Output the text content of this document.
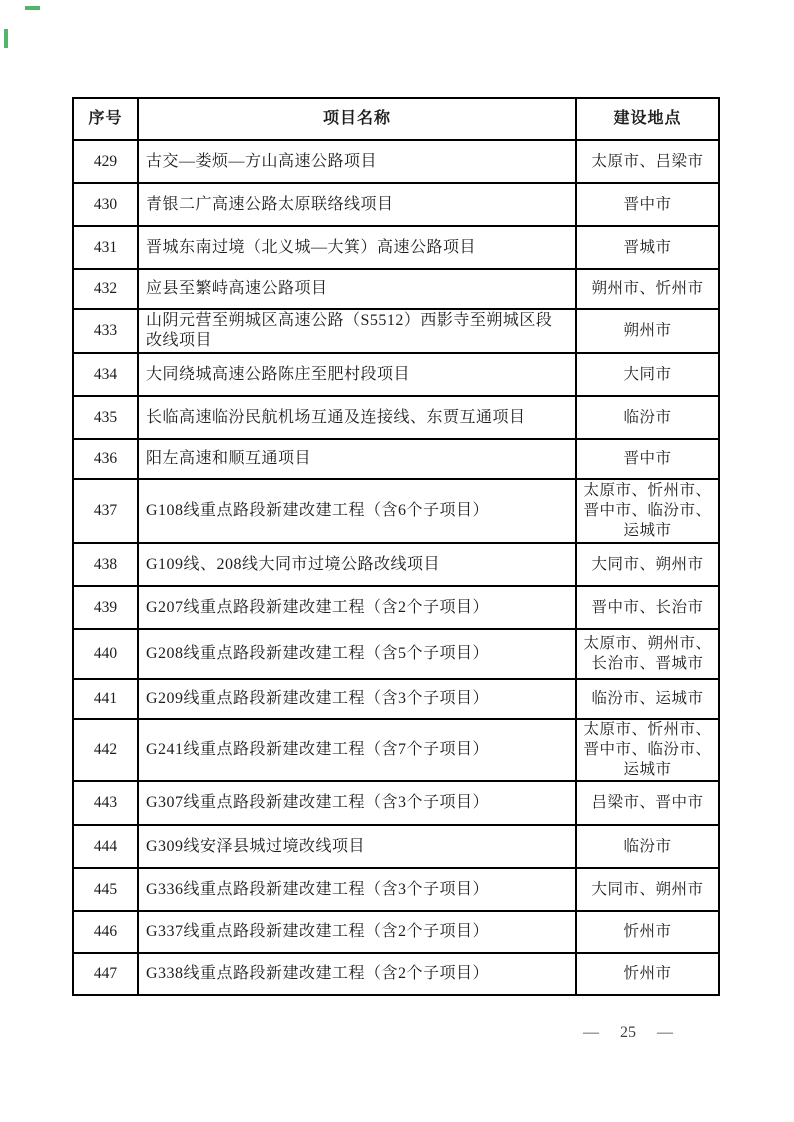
序号	项目名称	建设地点
429	古交—娄烦—方山高速公路项目	太原市、吕梁市
430	青银二广高速公路太原联络线项目	晋中市
431	晋城东南过境（北义城—大箕）高速公路项目	晋城市
432	应县至繁峙高速公路项目	朔州市、忻州市
433	山阴元营至朔城区高速公路（S5512）西影寺至朔城区段改线项目	朔州市
434	大同绕城高速公路陈庄至肥村段项目	大同市
435	长临高速临汾民航机场互通及连接线、东贾互通项目	临汾市
436	阳左高速和顺互通项目	晋中市
437	G108线重点路段新建改建工程（含6个子项目）	太原市、忻州市、晋中市、临汾市、运城市
438	G109线、208线大同市过境公路改线项目	大同市、朔州市
439	G207线重点路段新建改建工程（含2个子项目）	晋中市、长治市
440	G208线重点路段新建改建工程（含5个子项目）	太原市、朔州市、长治市、晋城市
441	G209线重点路段新建改建工程（含3个子项目）	临汾市、运城市
442	G241线重点路段新建改建工程（含7个子项目）	太原市、忻州市、晋中市、临汾市、运城市
443	G307线重点路段新建改建工程（含3个子项目）	吕梁市、晋中市
444	G309线安泽县城过境改线项目	临汾市
445	G336线重点路段新建改建工程（含3个子项目）	大同市、朔州市
446	G337线重点路段新建改建工程（含2个子项目）	忻州市
447	G338线重点路段新建改建工程（含2个子项目）	忻州市
— 25 —
